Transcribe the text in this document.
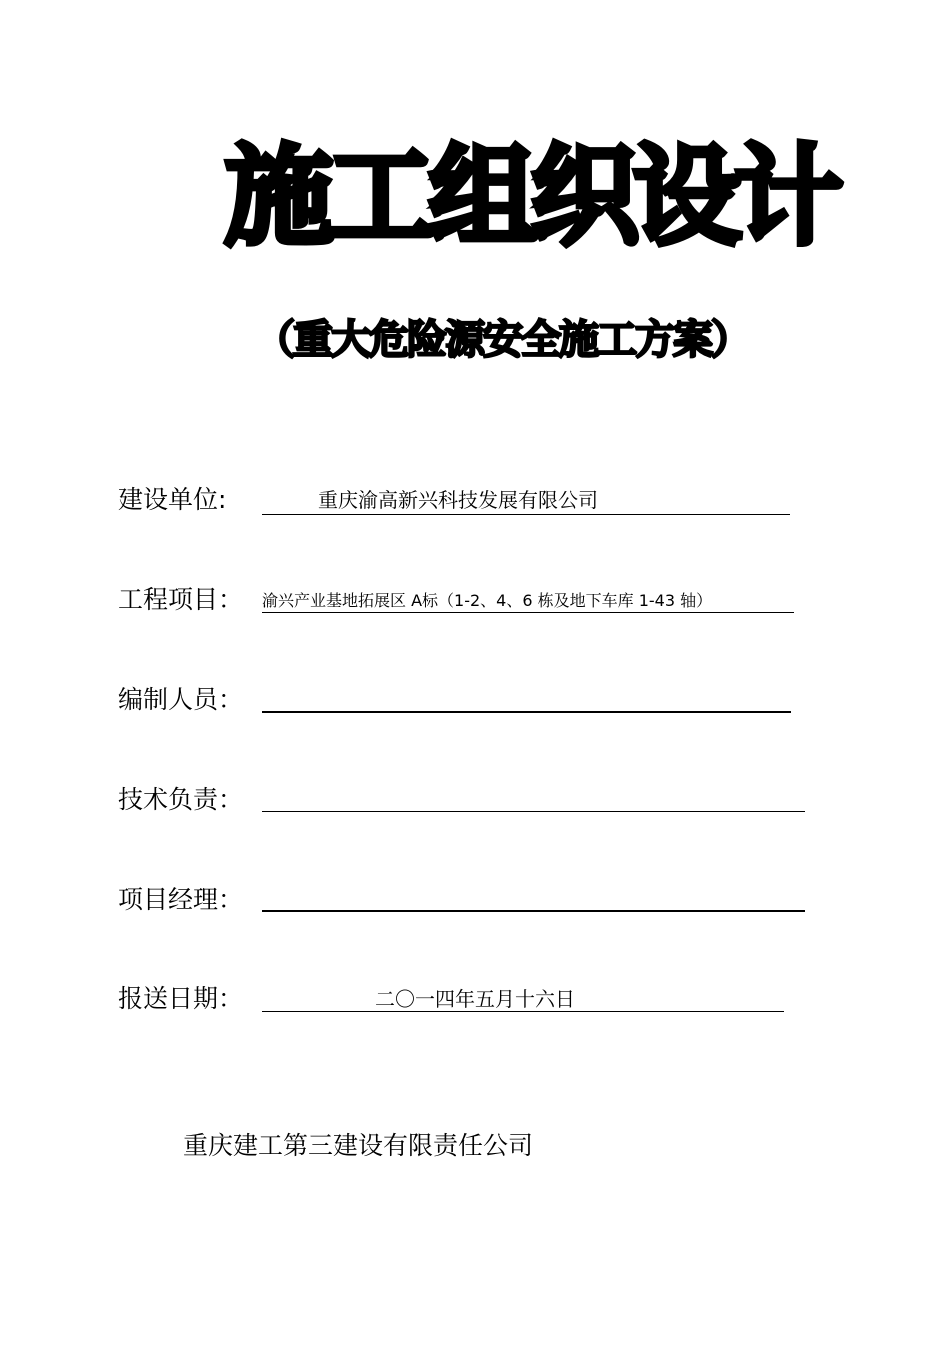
施工组织设计
（重大危险源安全施工方案）
建设单位:	重庆渝高新兴科技发展有限公司
工程项目： 渝兴产业基地拓展区 A标（1-2、4、6 栋及地下车库 1-43 轴）
编制人员：
技术负责：
项目经理：
报送日期：	二〇一四年五月十六日
重庆建工第三建设有限责任公司
